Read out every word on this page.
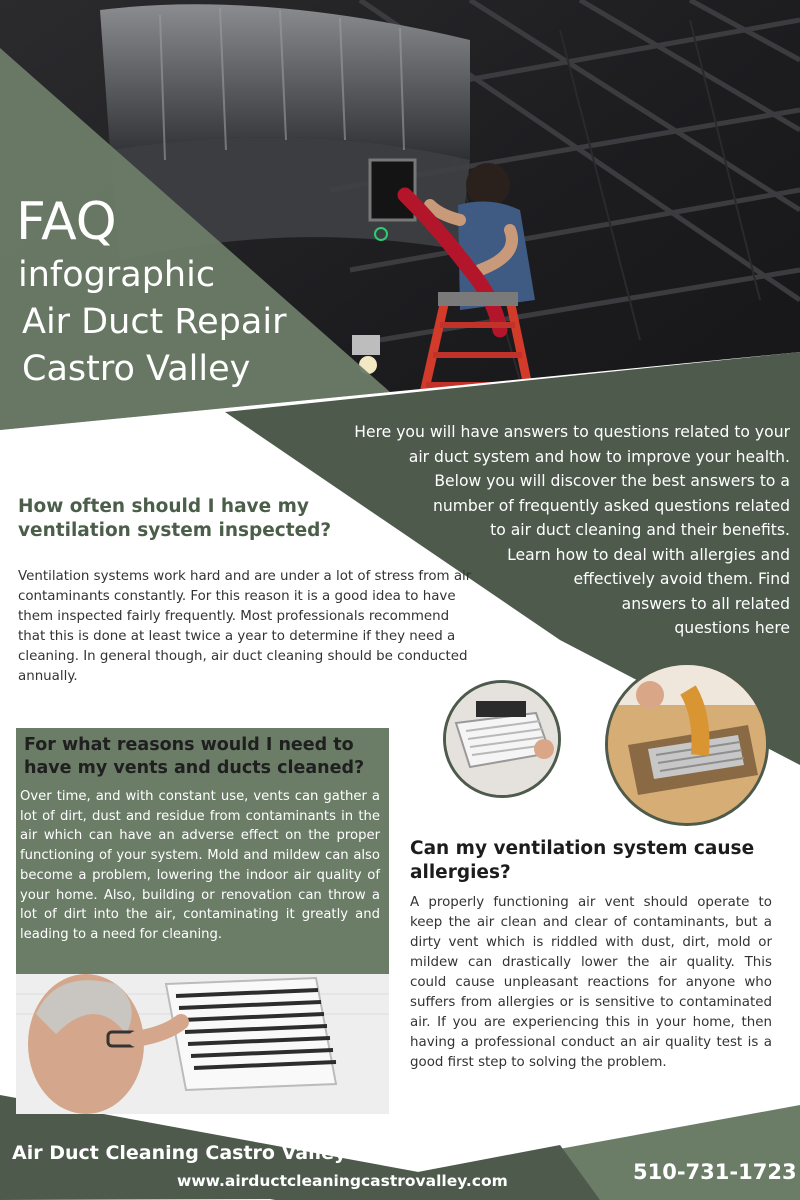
FAQ
infographic
Air Duct Repair
Castro Valley
Here you will have answers to questions related to your
air duct system and how to improve your health.
Below you will discover the best answers to a
number of frequently asked questions related
to air duct cleaning and their benefits.
Learn how to deal with allergies and
effectively avoid them. Find
answers to all related
questions here
How often should I have my ventilation system inspected?
Ventilation systems work hard and are under a lot of stress from air contaminants constantly. For this reason it is a good idea to have them inspected fairly frequently. Most professionals recommend that this is done at least twice a year to determine if they need a cleaning. In general though, air duct cleaning should be conducted annually.
For what reasons would I need to have my vents and ducts cleaned?
Over time, and with constant use, vents can gather a lot of dirt, dust and residue from contaminants in the air which can have an adverse effect on the proper functioning of your system. Mold and mildew can also become a problem, lowering the indoor air quality of your home. Also, building or renovation can throw a lot of dirt into the air, contaminating it greatly and leading to a need for cleaning.
Can my ventilation system cause allergies?
A properly functioning air vent should operate to keep the air clean and clear of contaminants, but a dirty vent which is riddled with dust, dirt, mold or mildew can drastically lower the air quality. This could cause unpleasant reactions for anyone who suffers from allergies or is sensitive to contaminated air. If you are experiencing this in your home, then having a professional conduct an air quality test is a good first step to solving the problem.
Air Duct Cleaning Castro Valley
www.airductcleaningcastrovalley.com	510-731-1723
